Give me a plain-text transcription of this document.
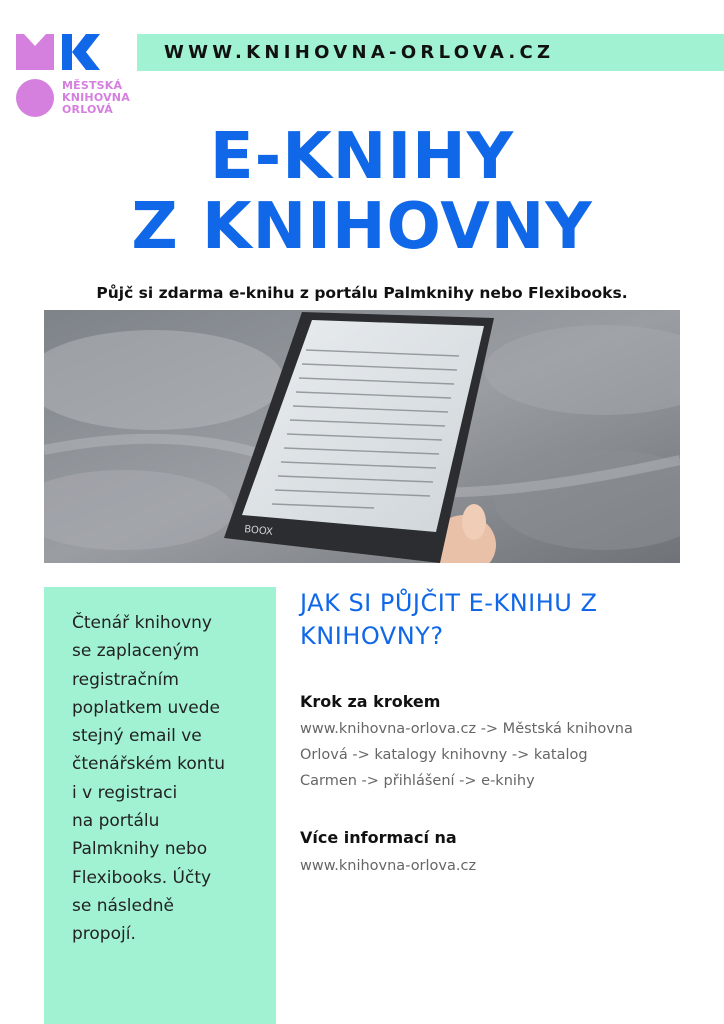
MĚSTSKÁ
KNIHOVNA
ORLOVÁ
WWW.KNIHOVNA-ORLOVA.CZ
E-KNIHY
Z KNIHOVNY
Půjč si zdarma e-knihu z portálu Palmknihy nebo Flexibooks.
BOOX
Čtenář knihovny
se zaplaceným
registračním
poplatkem uvede
stejný email ve
čtenářském kontu
i v registraci
na portálu
Palmknihy nebo
Flexibooks. Účty
se následně
propojí.
JAK SI PŮJČIT E-KNIHU Z
KNIHOVNY?
Krok za krokem
www.knihovna-orlova.cz -> Městská knihovna
Orlová -> katalogy knihovny -> katalog
Carmen -> přihlášení -> e-knihy
Více informací na
www.knihovna-orlova.cz
